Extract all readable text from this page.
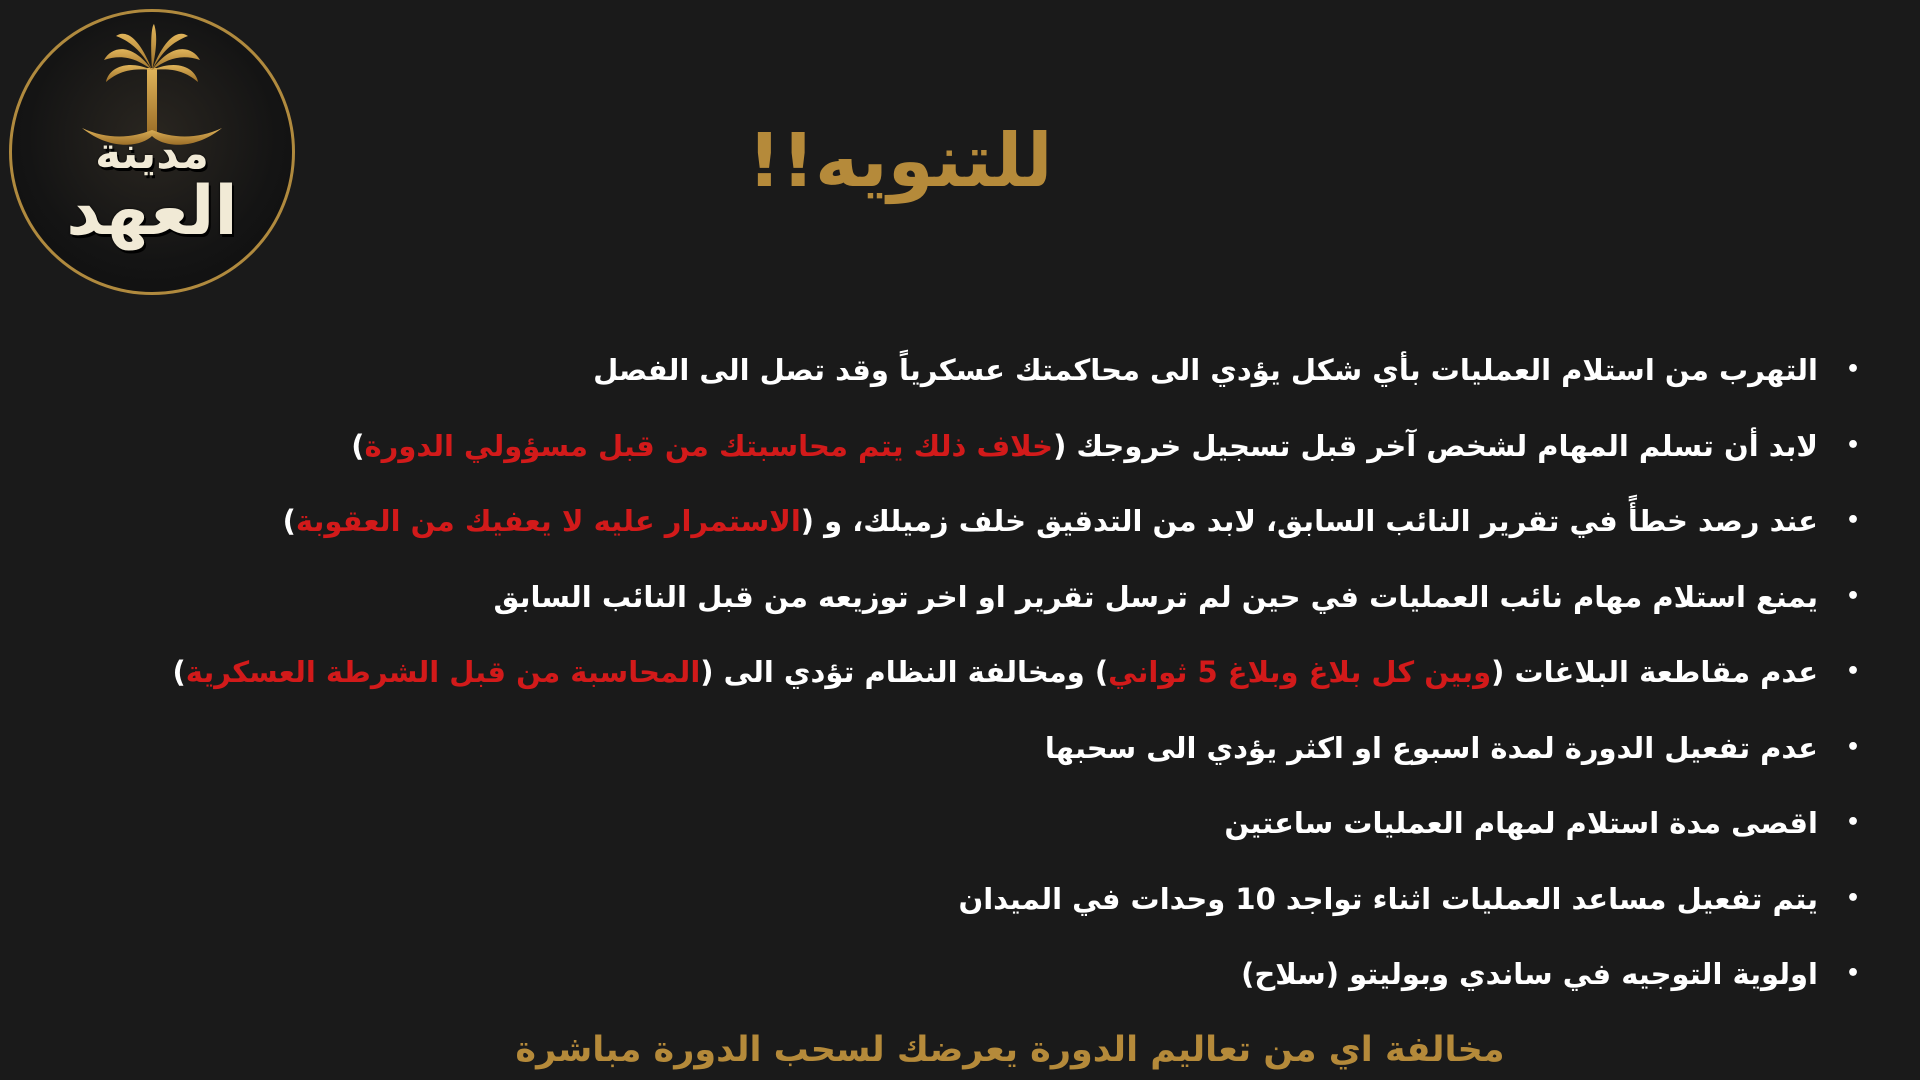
مدينة
العهد
للتنويه!!
•
التهرب من استلام العمليات بأي شكل يؤدي الى محاكمتك عسكرياً وقد تصل الى الفصل
•
لابد أن تسلم المهام لشخص آخر قبل تسجيل خروجك (خلاف ذلك يتم محاسبتك من قبل مسؤولي الدورة)
•
عند رصد خطأً في تقرير النائب السابق، لابد من التدقيق خلف زميلك، و (الاستمرار عليه لا يعفيك من العقوبة)
•
يمنع استلام مهام نائب العمليات في حين لم ترسل تقرير او اخر توزيعه من قبل النائب السابق
•
عدم مقاطعة البلاغات (وبين كل بلاغ وبلاغ 5 ثواني) ومخالفة النظام تؤدي الى (المحاسبة من قبل الشرطة العسكرية)
•
عدم تفعيل الدورة لمدة اسبوع او اكثر يؤدي الى سحبها
•
اقصى مدة استلام لمهام العمليات ساعتين
•
يتم تفعيل مساعد العمليات اثناء تواجد 10 وحدات في الميدان
•
اولوية التوجيه في ساندي وبوليتو (سلاح)

مخالفة اي من تعاليم الدورة يعرضك لسحب الدورة مباشرة
